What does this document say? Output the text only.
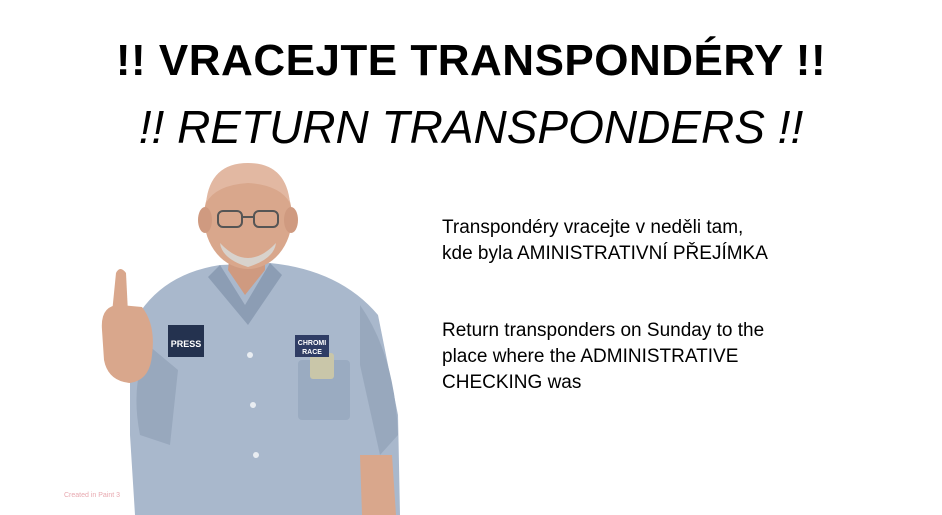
!! VRACEJTE TRANSPONDÉRY !!
!! RETURN TRANSPONDERS !!
Transpondéry vracejte v neděli tam,
kde byla AMINISTRATIVNÍ PŘEJÍMKA
Return transponders on Sunday to the
place where the ADMINISTRATIVE
CHECKING was
PRESS	CHROMI
RACE
Created in Paint 3
